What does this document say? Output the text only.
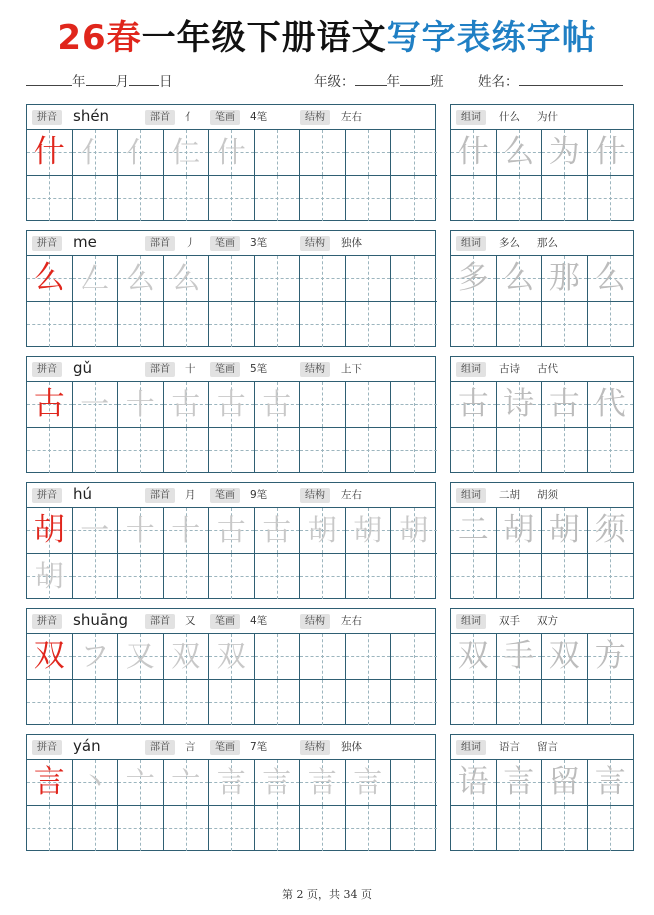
26春一年级下册语文写字表练字帖
年 月 日	年级： 年 班	姓名：
拼音	shén	部首	亻	笔画	4笔	结构	左右
什 亻 亻 仁 什
组词	什么 为什
什 么 为 什
拼音	me	部首	丿	笔画	3笔	结构	独体
么 𠃋 么 么
组词	多么 那么
多 么 那 么
拼音	gǔ	部首	十	笔画	5笔	结构	上下
古 一 十 古 古 古
组词	古诗 古代
古 诗 古 代
拼音	hú	部首	月	笔画	9笔	结构	左右
胡 一 十 十 古 古 胡 胡 胡
胡
组词	二胡 胡须
二 胡 胡 须
拼音	shuāng	部首	又	笔画	4笔	结构	左右
双 フ 又 双 双
组词	双手 双方
双 手 双 方
拼音	yán	部首	言	笔画	7笔	结构	独体
言 丶 亠 亠 言 言 言 言
组词	语言 留言
语 言 留 言
第 2 页，共 34 页
